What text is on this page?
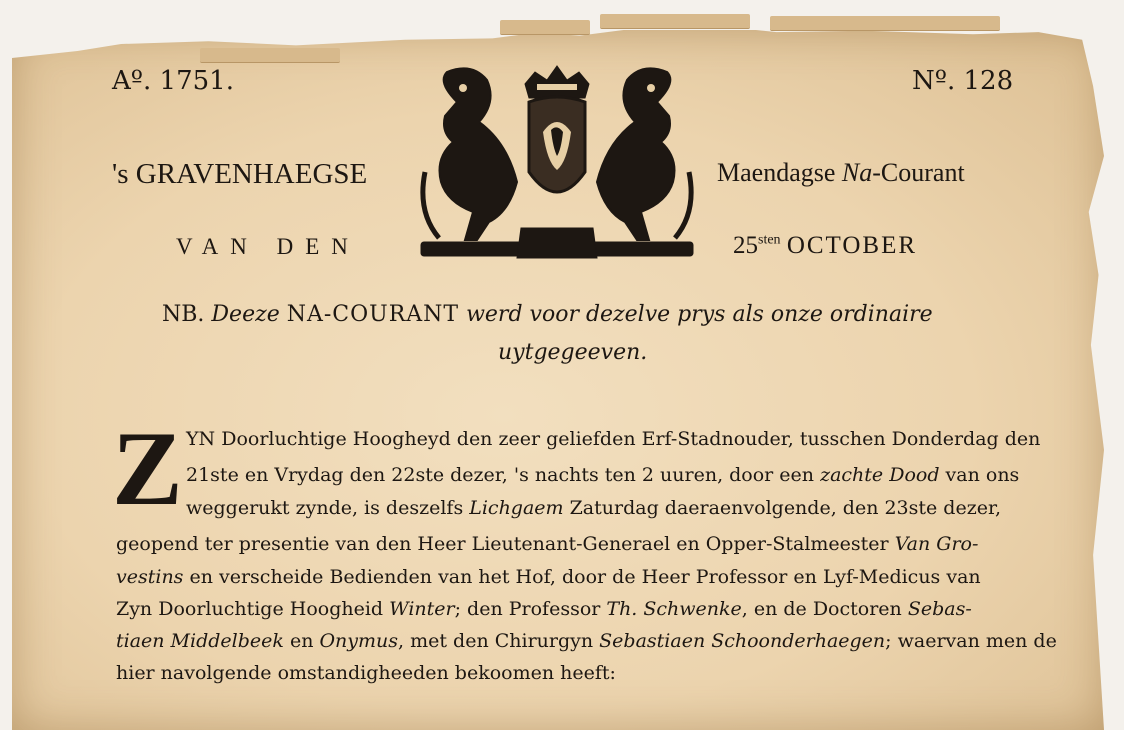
Aº. 1751.	Nº. 128
's GRAVENHAEGSE	Maendagse Na-Courant
VAN DEN	$25^{sten}$ OCTOBER
NB. Deeze NA-COURANT werd voor dezelve prys als onze ordinaire
uytgegeeven.
Z YN Doorluchtige Hoogheyd den zeer geliefden Erf-Stadnouder, tusschen Donderdag den
21ste en Vrydag den 22ste dezer, 's nachts ten 2 uuren, door een zachte Dood van ons
weggerukt zynde, is deszelfs Lichgaem Zaturdag daeraenvolgende, den 23ste dezer,
geopend ter presentie van den Heer Lieutenant-Generael en Opper-Stalmeester Van Gro-
vestins en verscheide Bedienden van het Hof, door de Heer Professor en Lyf-Medicus van
Zyn Doorluchtige Hoogheid Winter; den Professor Th. Schwenke, en de Doctoren Sebas-
tiaen Middelbeek en Onymus, met den Chirurgyn Sebastiaen Schoonderhaegen; waervan men de
hier navolgende omstandigheeden bekoomen heeft:
